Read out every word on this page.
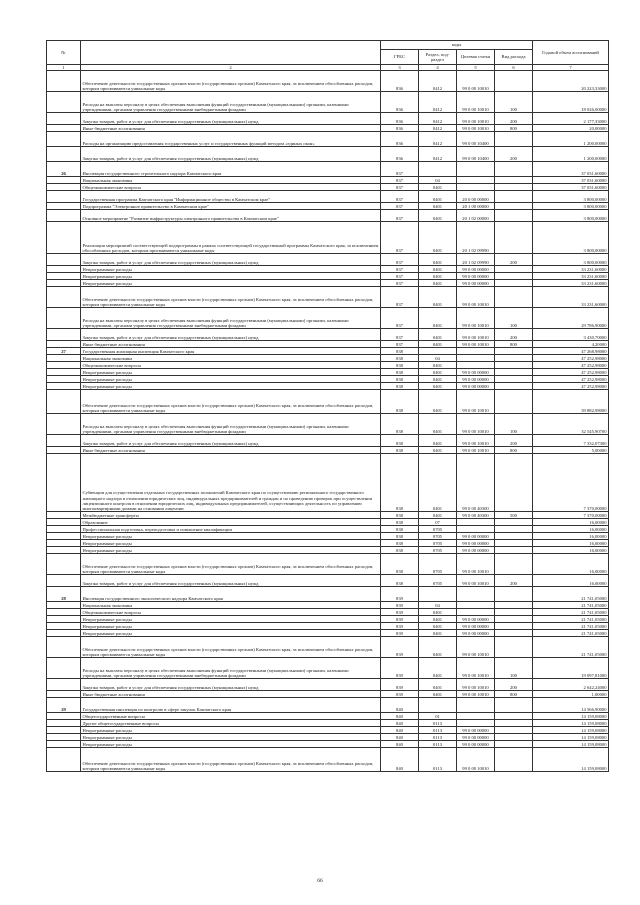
№		коды				Годовой объем ассигнований
		ГРБС	Раздел, под-раздел	Целевая статья	Вид расхода	
1	2	3	4	5	6	7
	Обеспечение деятельности государственных органов власти (государственных органов) Камчатского края, за исключением обособленных расходов, которым присваиваются уникальные коды	836	0412	99 0 00 10010		20 223,33000
	Расходы на выплаты персоналу в целях обеспечения выполнения функций государственными (муниципальными) органами, казенными учреждениями, органами управления государственными внебюджетными фондами	836	0412	99 0 00 10010	100	18 026,00000
	Закупка товаров, работ и услуг для обеспечения государственных (муниципальных) нужд	836	0412	99 0 00 10010	200	2 177,33000
	Иные бюджетные ассигнования	836	0412	99 0 00 10010	800	20,00000
	Расходы на организацию предоставления государственных услуг и государственных функций методом «единых окон»	836	0412	99 0 00 10400		1 200,00000
	Закупка товаров, работ и услуг для обеспечения государственных (муниципальных) нужд	836	0412	99 0 00 10400	200	1 200,00000
26	Инспекция государственного строительного надзора Камчатского края	837				37 031,60000
	Национальная экономика	837	04			37 031,60000
	Общеэкономические вопросы	837	0401			37 031,60000
	Государственная программа Камчатского края "Информационное общество в Камчатском крае"	837	0401	20 0 00 00000		3 800,00000
	Подпрограмма "Электронное правительство в Камчатском крае"	837	0401	20 1 00 00000		3 800,00000
	Основное мероприятие "Развитие инфраструктуры электронного правительства в Камчатском крае"	837	0401	20 1 02 00000		3 800,00000
	Реализация мероприятий соответствующей подпрограммы в рамках соответствующей государственной программы Камчатского края, за исключением обособленных расходов, которым присваиваются уникальные коды	837	0401	20 1 02 09990		3 800,00000
	Закупка товаров, работ и услуг для обеспечения государственных (муниципальных) нужд	837	0401	20 1 02 09990	200	3 800,00000
	Непрограммные расходы	837	0401	99 0 00 00000		33 231,60000
	Непрограммные расходы	837	0401	99 0 00 00000		33 231,60000
	Непрограммные расходы	837	0401	99 0 00 00000		33 231,60000
	Обеспечение деятельности государственных органов власти (государственных органов) Камчатского края, за исключением обособленных расходов, которым присваиваются уникальные коды	837	0401	99 0 00 10010		33 231,60000
	Расходы на выплаты персоналу в целях обеспечения выполнения функций государственными (муниципальными) органами, казенными учреждениями, органами управления государственными внебюджетными фондами	837	0401	99 0 00 10010	100	29 786,90000
	Закупка товаров, работ и услуг для обеспечения государственных (муниципальных) нужд	837	0401	99 0 00 10010	200	3 430,70000
	Иные бюджетные ассигнования	837	0401	99 0 00 10010	800	4,20000
27	Государственная жилищная инспекция Камчатского края	838				47 268,98000
	Национальная экономика	838	04			47 252,98000
	Общеэкономические вопросы	838	0401			47 252,98000
	Непрограммные расходы	838	0401	99 0 00 00000		47 252,98000
	Непрограммные расходы	838	0401	99 0 00 00000		47 252,98000
	Непрограммные расходы	838	0401	99 0 00 00000		47 252,98000
	Обеспечение деятельности государственных органов власти (государственных органов) Камчатского края, за исключением обособленных расходов, которым присваиваются уникальные коды	838	0401	99 0 00 10010		39 882,98000
	Расходы на выплаты персоналу в целях обеспечения выполнения функций государственными (муниципальными) органами, казенными учреждениями, органами управления государственными внебюджетными фондами	838	0401	99 0 00 10010	100	32 545,90700
	Закупка товаров, работ и услуг для обеспечения государственных (муниципальных) нужд	838	0401	99 0 00 10010	200	7 332,07300
	Иные бюджетные ассигнования	838	0401	99 0 00 10010	800	5,00000
	Субвенции для осуществления отдельных государственных полномочий Камчатского края по осуществлению регионального государственного жилищного надзора в отношении юридических лиц, индивидуальных предпринимателей и граждан и по проведению проверок при осуществлении лицензионного контроля в отношении юридических лиц, индивидуальных предпринимателей, осуществляющих деятельность по управлению многоквартирными домами на основании лицензии	838	0401	99 0 00 40300		7 370,00000
	Межбюджетные трансферты	838	0401	99 0 00 40300	500	7 370,00000
	Образование	838	07			16,00000
	Профессиональная подготовка, переподготовка и повышение квалификации	838	0705			16,00000
	Непрограммные расходы	838	0705	99 0 00 00000		16,00000
	Непрограммные расходы	838	0705	99 0 00 00000		16,00000
	Непрограммные расходы	838	0705	99 0 00 00000		16,00000
	Обеспечение деятельности государственных органов власти (государственных органов) Камчатского края, за исключением обособленных расходов, которым присваиваются уникальные коды	838	0705	99 0 00 10010		16,00000
	Закупка товаров, работ и услуг для обеспечения государственных (муниципальных) нужд	838	0705	99 0 00 10010	200	16,00000
28	Инспекция государственного экологического надзора Камчатского края	839				21 741,05000
	Национальная экономика	839	04			21 741,05000
	Общеэкономические вопросы	839	0401			21 741,05000
	Непрограммные расходы	839	0401	99 0 00 00000		21 741,05000
	Непрограммные расходы	839	0401	99 0 00 00000		21 741,05000
	Непрограммные расходы	839	0401	99 0 00 00000		21 741,05000
	Обеспечение деятельности государственных органов власти (государственных органов) Камчатского края, за исключением обособленных расходов, которым присваиваются уникальные коды	839	0401	99 0 00 10010		21 741,05000
	Расходы на выплаты персоналу в целях обеспечения выполнения функций государственными (муниципальными) органами, казенными учреждениями, органами управления государственными внебюджетными фондами	839	0401	99 0 00 10010	100	19 097,81000
	Закупка товаров, работ и услуг для обеспечения государственных (муниципальных) нужд	839	0401	99 0 00 10010	200	2 642,24000
	Иные бюджетные ассигнования	839	0401	99 0 00 10010	800	1,00000
29	Государственная инспекция по контролю в сфере закупок Камчатского края	840				14 566,90000
	Общегосударственные вопросы	840	01			14 159,08000
	Другие общегосударственные вопросы	840	0113			14 159,08000
	Непрограммные расходы	840	0113	99 0 00 00000		14 159,08000
	Непрограммные расходы	840	0113	99 0 00 00000		14 159,08000
	Непрограммные расходы	840	0113	99 0 00 00000		14 159,08000
	Обеспечение деятельности государственных органов власти (государственных органов) Камчатского края, за исключением обособленных расходов, которым присваиваются уникальные коды	840	0113	99 0 00 10010		14 159,08000
66
